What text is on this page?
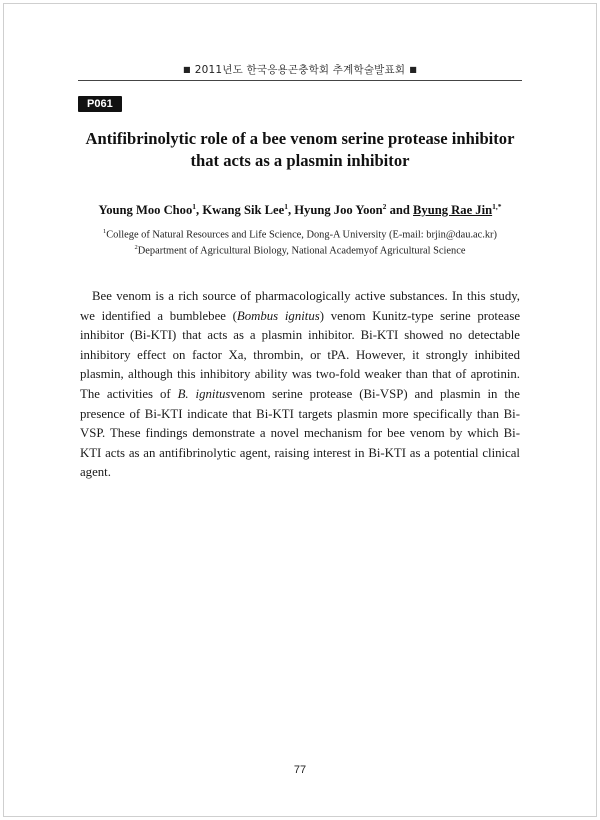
■ 2011년도 한국응용곤충학회 추계학술발표회 ■
P061
Antifibrinolytic role of a bee venom serine protease inhibitor
that acts as a plasmin inhibitor
Young Moo Choo$^1$, Kwang Sik Lee$^1$, Hyung Joo Yoon$^2$ and Byung Rae Jin$^{1,*}$
$^1$College of Natural Resources and Life Science, Dong-A University (E-mail: brjin@dau.ac.kr)
$^2$Department of Agricultural Biology, National Academyof Agricultural Science

Bee venom is a rich source of pharmacologically active substances. In this study, we identified a bumblebee (Bombus ignitus) venom Kunitz-type serine protease inhibitor (Bi-KTI) that acts as a plasmin inhibitor. Bi-KTI showed no detectable inhibitory effect on factor Xa, thrombin, or tPA. However, it strongly inhibited plasmin, although this inhibitory ability was two-fold weaker than that of aprotinin. The activities of B. ignitusvenom serine protease (Bi-VSP) and plasmin in the presence of Bi-KTI indicate that Bi-KTI targets plasmin more specifically than Bi-VSP. These findings demonstrate a novel mechanism for bee venom by which Bi-KTI acts as an antifibrinolytic agent, raising interest in Bi-KTI as a potential clinical agent.

77
